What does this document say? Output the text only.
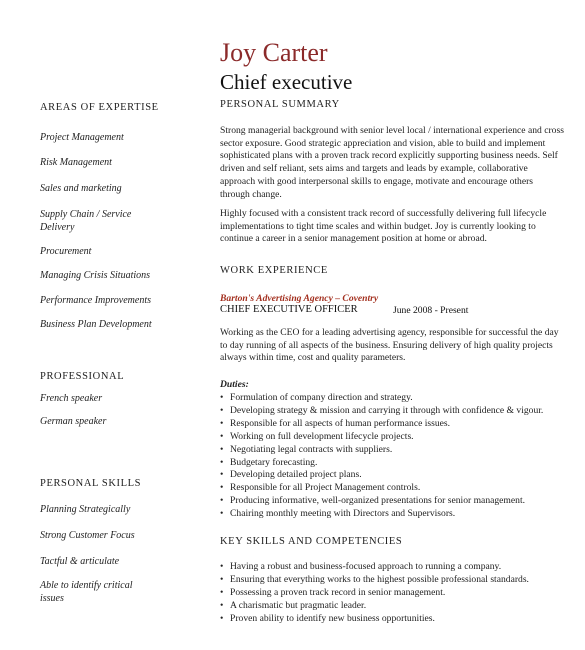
Joy Carter
Chief executive
AREAS OF EXPERTISE
Project Management
Risk Management
Sales and marketing
Supply Chain / Service Delivery
Procurement
Managing Crisis Situations
Performance Improvements
Business Plan Development
PROFESSIONAL
French speaker
German speaker
PERSONAL SKILLS
Planning Strategically
Strong Customer Focus
Tactful & articulate
Able to identify critical issues
PERSONAL SUMMARY
Strong managerial background with senior level local / international experience and cross sector exposure. Good strategic appreciation and vision, able to build and implement sophisticated plans with a proven track record explicitly supporting business needs. Self driven and self reliant, sets aims and targets and leads by example, collaborative approach with good interpersonal skills to engage, motivate and encourage others through change.
Highly focused with a consistent track record of successfully delivering full lifecycle implementations to tight time scales and within budget. Joy is currently looking to continue a career in a senior management position at home or abroad.
WORK EXPERIENCE
Barton's Advertising Agency – Coventry
CHIEF EXECUTIVE OFFICER	June 2008 - Present
Working as the CEO for a leading advertising agency, responsible for successful the day to day running of all aspects of the business. Ensuring delivery of high quality projects always within time, cost and quality parameters.
Duties:
• Formulation of company direction and strategy.
• Developing strategy & mission and carrying it through with confidence & vigour.
• Responsible for all aspects of human performance issues.
• Working on full development lifecycle projects.
• Negotiating legal contracts with suppliers.
• Budgetary forecasting.
• Developing detailed project plans.
• Responsible for all Project Management controls.
• Producing informative, well-organized presentations for senior management.
• Chairing monthly meeting with Directors and Supervisors.
KEY SKILLS AND COMPETENCIES
• Having a robust and business-focused approach to running a company.
• Ensuring that everything works to the highest possible professional standards.
• Possessing a proven track record in senior management.
• A charismatic but pragmatic leader.
• Proven ability to identify new business opportunities.
